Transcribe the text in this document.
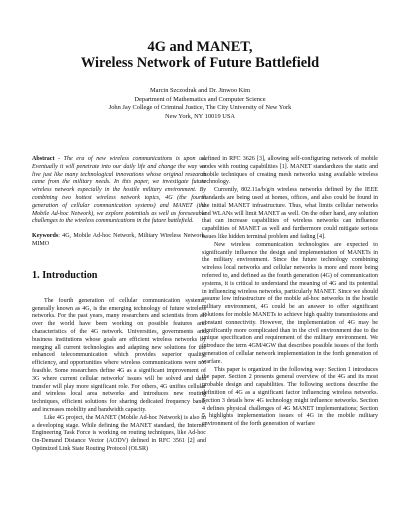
4G and MANET,
Wireless Network of Future Battlefield
Marcin Szczodrak and Dr. Jinwoo Kim
Department of Mathematics and Computer Science
John Jay College of Criminal Justice, The City University of New York
New York, NY 10019 USA

Abstract - The era of new wireless communications is upon us. Eventually it will penetrate into our daily life and change the way we live just like many technological innovations whose original research came from the military needs. In this paper, we investigate future wireless network especially in the hostile military environment. By combining two hottest wireless network topics, 4G (the fourth generation of cellular communication systems) and MANET (the Mobile Ad-hoc Network), we explore potentials as well as foreseeable challenges to the wireless communications in the future battlefield.

Keywords: 4G, Mobile Ad-hoc Network, Military Wireless Network, MIMO

1. Introduction

The fourth generation of cellular communication systems, generally known as 4G, is the emerging technology of future wireless networks. For the past years, many researchers and scientists from all over the world have been working on possible features and characteristics of the 4G network. Universities, governments and business institutions whose goals are efficient wireless networks by merging all current technologies and adapting new solutions for the enhanced telecommunication which provides superior quality, efficiency, and opportunities where wireless communications were not feasible. Some researchers define 4G as a significant improvement of 3G where current cellular networks' issues will be solved and data transfer will play more significant role. For others, 4G unifies cellular and wireless local area networks and introduces new routing techniques, efficient solutions for sharing dedicated frequency band, and increases mobility and bandwidth capacity.

Like 4G project, the MANET (Mobile Ad-hoc Network) is also in a developing stage. While defining the MANET standard, the Internet Engineering Task Force is working on routing techniques, like Ad-hoc On-Demand Distance Vector (AODV) defined in RFC 3561 [2] and Optimized Link State Routing Protocol (OLSR)

defined in RFC 3626 [3], allowing self-configuring network of mobile nodes with routing capabilities [1]. MANET standardizes the static and mobile techniques of creating mesh networks using available wireless technology.

Currently, 802.11a/b/g/n wireless networks defined by the IEEE standards are being used at homes, offices, and also could be found in the initial MANET infrastructure. Thus, what limits cellular networks and WLANs will limit MANET as well. On the other hand, any solution that can increase capabilities of wireless networks can influence capabilities of MANET as well and furthermore could mitigate serious issues like hidden terminal problem and fading [4].

New wireless communication technologies are expected to significantly influence the design and implementation of MANETs in the military environment. Since the future technology combining wireless local networks and cellular networks is more and more being referred to, and defined as the fourth generation (4G) of communication systems, it is critical to understand the meaning of 4G and its potential in influencing wireless networks, particularly MANET. Since we should assume low infrastructure of the mobile ad-hoc networks in the hostile military environment, 4G could be an answer to offer significant solutions for mobile MANETs to achieve high quality transmissions and constant connectivity. However, the implementation of 4G may be significantly more complicated than in the civil environment due to the unique specification and requirement of the military environment. We introduce the term 4GM/4GW that describes possible issues of the forth generation of cellular network implementation in the forth generation of warfare.

This paper is organized in the following way: Section 1 introduces the paper. Section 2 presents general overview of the 4G and its most probable design and capabilities. The following sections describe the definition of 4G as a significant factor influencing wireless networks. Section 3 details how 4G technology might influence networks. Section 4 defines physical challenges of 4G MANET implementations; Section 5 highlights implementation issues of 4G in the mobile military environment of the forth generation of warfare
